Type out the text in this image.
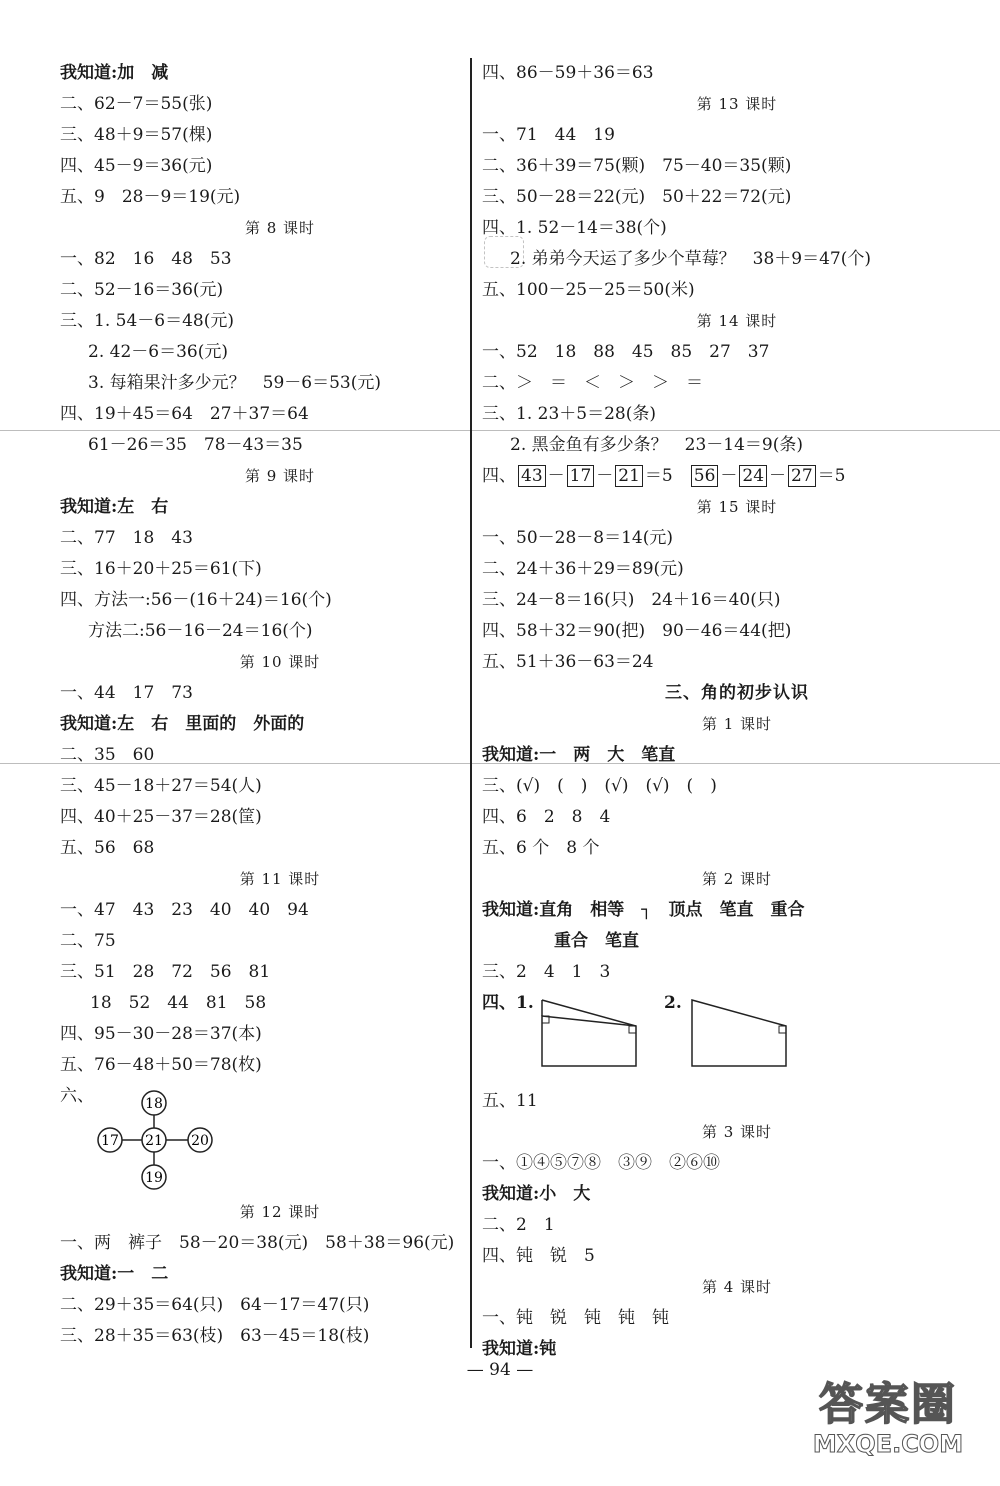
我知道:加　减
二、62－7＝55(张)
三、48＋9＝57(棵)
四、45－9＝36(元)
五、9　28－9＝19(元)
第 8 课时
一、82　16　48　53
二、52－16＝36(元)
三、1. 54－6＝48(元)
2. 42－6＝36(元)
3. 每箱果汁多少元？　59－6＝53(元)
四、19＋45＝64　27＋37＝64
61－26＝35　78－43＝35
第 9 课时
我知道:左　右
二、77　18　43
三、16＋20＋25＝61(下)
四、方法一:56－(16＋24)＝16(个)
方法二:56－16－24＝16(个)
第 10 课时
一、44　17　73
我知道:左　右　里面的　外面的
二、35　60
三、45－18＋27＝54(人)
四、40＋25－37＝28(筐)
五、56　68
第 11 课时
一、47　43　23　40　40　94
二、75
三、51　28　72　56　81
18　52　44　81　58
四、95－30－28＝37(本)
五、76－48＋50＝78(枚)
六、	18
17 21 20
19
第 12 课时
一、两　裤子　58－20＝38(元)　58＋38＝96(元)
我知道:一　二
二、29＋35＝64(只)　64－17＝47(只)
三、28＋35＝63(枝)　63－45＝18(枝)
四、86－59＋36＝63
第 13 课时
一、71　44　19
二、36＋39＝75(颗)　75－40＝35(颗)
三、50－28＝22(元)　50＋22＝72(元)
四、1. 52－14＝38(个)
2. 弟弟今天运了多少个草莓？　38＋9＝47(个)
五、100－25－25＝50(米)
第 14 课时
一、52　18　88　45　85　27　37
二、＞　＝　＜　＞　＞　＝
三、1. 23＋5＝28(条)
2. 黑金鱼有多少条？　23－14＝9(条)
四、 43 － 17 － 21 ＝5 56 － 24 － 27 ＝5
第 15 课时
一、50－28－8＝14(元)
二、24＋36＋29＝89(元)
三、24－8＝16(只)　24＋16＝40(只)
四、58＋32＝90(把)　90－46＝44(把)
五、51＋36－63＝24
三、角的初步认识
第 1 课时
我知道:一　两　大　笔直
三、(√)　(　)　(√)　(√)　(　)
四、6　2　8　4
五、6 个　8 个
第 2 课时
我知道:直角　相等　┐　顶点　笔直　重合
重合　笔直
三、2　4　1　3
四、1.	2.
五、11
第 3 课时
一、①④⑤⑦⑧　③⑨　②⑥⑩
我知道:小　大
二、2　1
四、钝　锐　5
第 4 课时
一、钝　锐　钝　钝　钝
我知道:钝
— 94 —
答案圈
MXQE.COM
